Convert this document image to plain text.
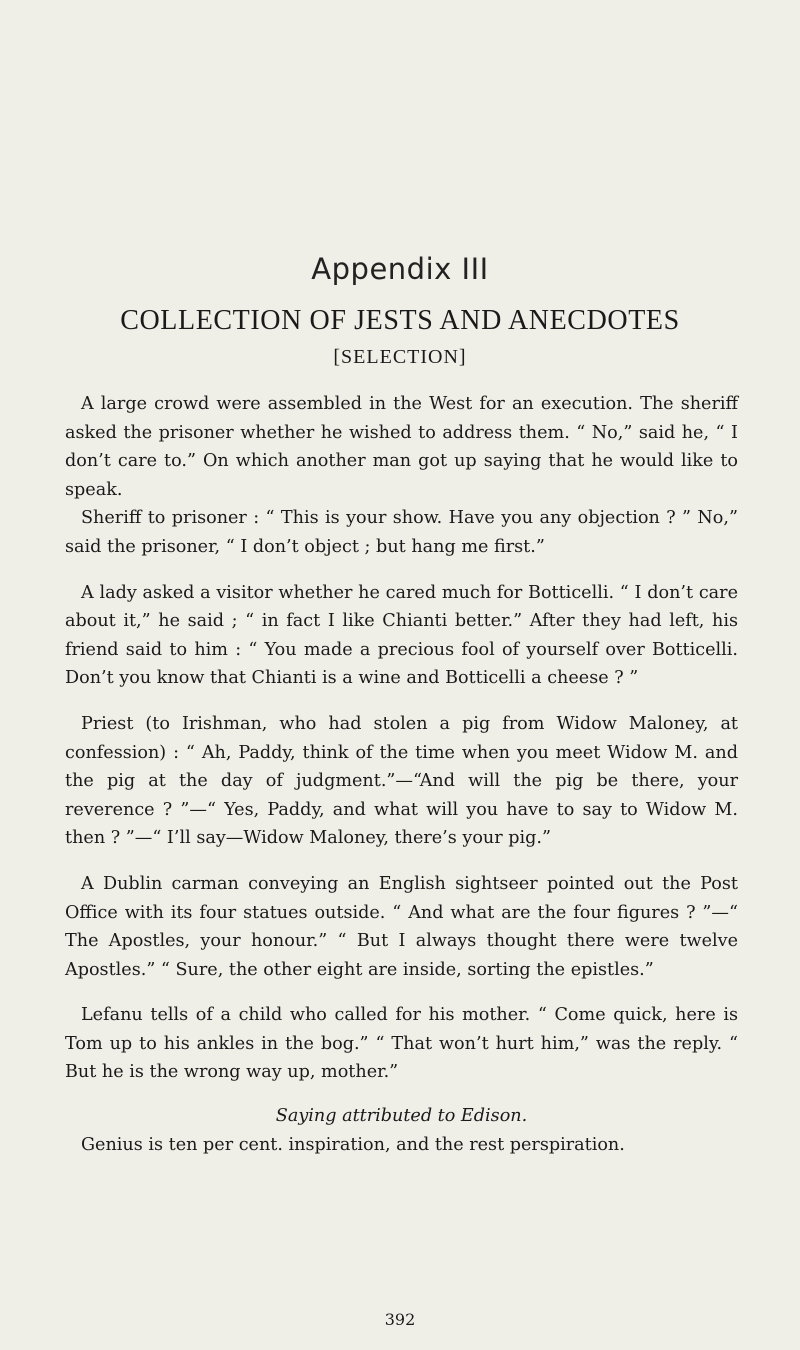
Appendix III
COLLECTION OF JESTS AND ANECDOTES
[SELECTION]

A large crowd were assembled in the West for an execution. The sheriff asked the prisoner whether he wished to address them. “ No,” said he, “ I don’t care to.” On which another man got up saying that he would like to speak.

Sheriff to prisoner : “ This is your show. Have you any objection ? ” No,” said the prisoner, “ I don’t object ; but hang me first.”

A lady asked a visitor whether he cared much for Botticelli. “ I don’t care about it,” he said ; “ in fact I like Chianti better.” After they had left, his friend said to him : “ You made a precious fool of yourself over Botticelli. Don’t you know that Chianti is a wine and Botticelli a cheese ? ”

Priest (to Irishman, who had stolen a pig from Widow Maloney, at confession) : “ Ah, Paddy, think of the time when you meet Widow M. and the pig at the day of judgment.”—“And will the pig be there, your reverence ? ”—“ Yes, Paddy, and what will you have to say to Widow M. then ? ”—“ I’ll say—Widow Maloney, there’s your pig.”

A Dublin carman conveying an English sightseer pointed out the Post Office with its four statues outside. “ And what are the four figures ? ”—“ The Apostles, your honour.” “ But I always thought there were twelve Apostles.” “ Sure, the other eight are inside, sorting the epistles.”

Lefanu tells of a child who called for his mother. “ Come quick, here is Tom up to his ankles in the bog.” “ That won’t hurt him,” was the reply. “ But he is the wrong way up, mother.”

Saying attributed to Edison.

Genius is ten per cent. inspiration, and the rest perspiration.

392
